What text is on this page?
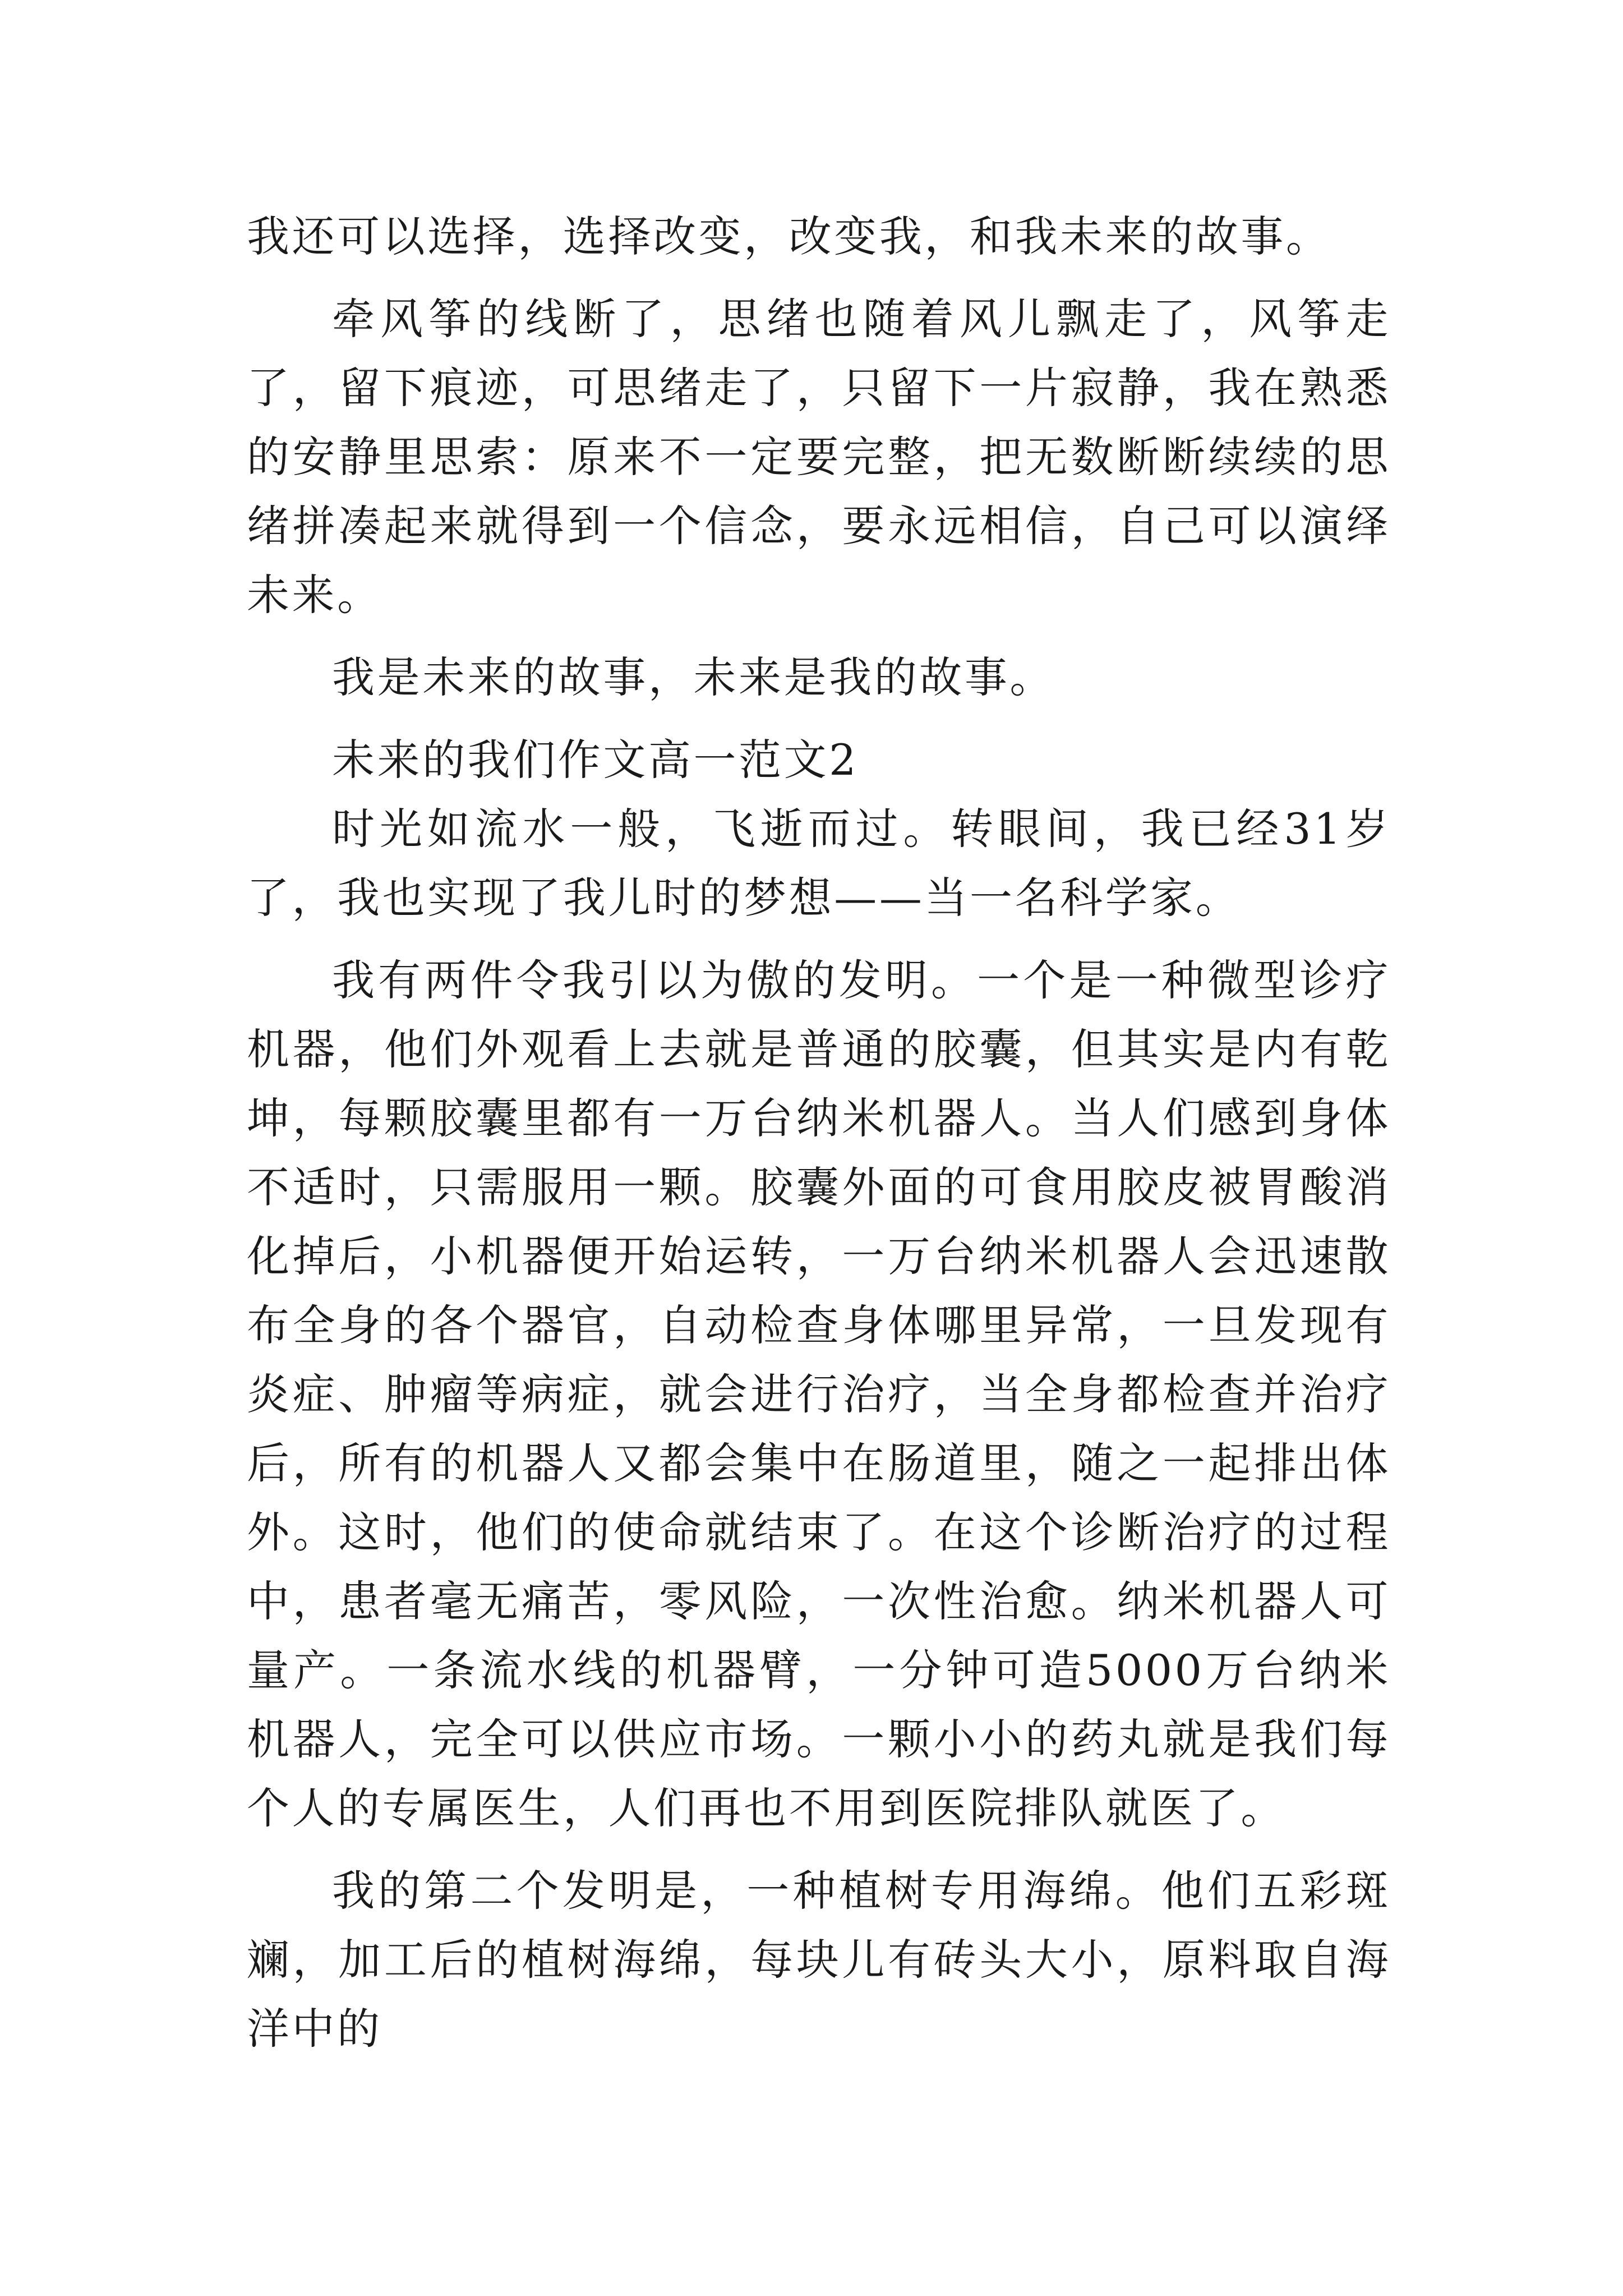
我还可以选择，选择改变，改变我，和我未来的故事。

牵风筝的线断了，思绪也随着风儿飘走了，风筝走了，留下痕迹，可思绪走了，只留下一片寂静，我在熟悉的安静里思索：原来不一定要完整，把无数断断续续的思绪拼凑起来就得到一个信念，要永远相信，自己可以演绎未来。

我是未来的故事，未来是我的故事。

未来的我们作文高一范文2

时光如流水一般，飞逝而过。转眼间，我已经31岁了，我也实现了我儿时的梦想——当一名科学家。

我有两件令我引以为傲的发明。一个是一种微型诊疗机器，他们外观看上去就是普通的胶囊，但其实是内有乾坤，每颗胶囊里都有一万台纳米机器人。当人们感到身体不适时，只需服用一颗。胶囊外面的可食用胶皮被胃酸消化掉后，小机器便开始运转，一万台纳米机器人会迅速散布全身的各个器官，自动检查身体哪里异常，一旦发现有炎症、肿瘤等病症，就会进行治疗，当全身都检查并治疗后，所有的机器人又都会集中在肠道里，随之一起排出体外。这时，他们的使命就结束了。在这个诊断治疗的过程中，患者毫无痛苦，零风险，一次性治愈。纳米机器人可量产。一条流水线的机器臂，一分钟可造5000万台纳米机器人，完全可以供应市场。一颗小小的药丸就是我们每个人的专属医生，人们再也不用到医院排队就医了。

我的第二个发明是，一种植树专用海绵。他们五彩斑斓，加工后的植树海绵，每块儿有砖头大小，原料取自海洋中的
